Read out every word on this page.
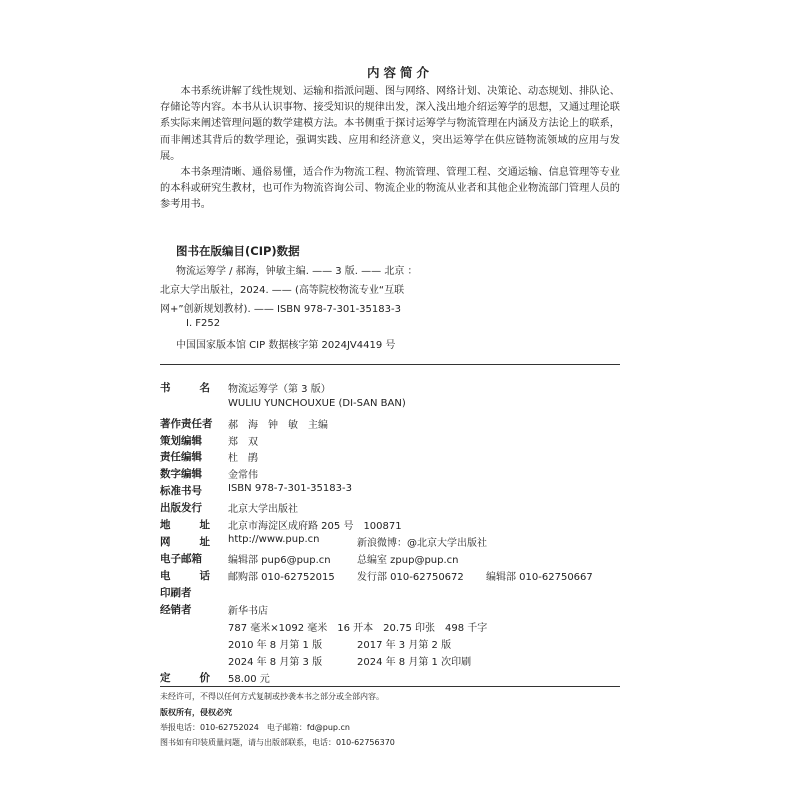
内容简介

本书系统讲解了线性规划、运输和指派问题、图与网络、网络计划、决策论、动态规划、排队论、存储论等内容。本书从认识事物、接受知识的规律出发，深入浅出地介绍运筹学的思想，又通过理论联系实际来阐述管理问题的数学建模方法。本书侧重于探讨运筹学与物流管理在内涵及方法论上的联系，而非阐述其背后的数学理论，强调实践、应用和经济意义，突出运筹学在供应链物流领域的应用与发展。

本书条理清晰、通俗易懂，适合作为物流工程、物流管理、管理工程、交通运输、信息管理等专业的本科或研究生教材，也可作为物流咨询公司、物流企业的物流从业者和其他企业物流部门管理人员的参考用书。

图书在版编目(CIP)数据
物流运筹学 / 郝海，钟敏主编. —— 3 版. —— 北京 ：
北京大学出版社，2024. —— (高等院校物流专业“互联
网+”创新规划教材). —— ISBN 978-7-301-35183-3
Ⅰ. F252
中国国家版本馆 CIP 数据核字第 2024JV4419 号
书	名 物流运筹学（第 3 版）
WULIU YUNCHOUXUE (DI-SAN BAN)
著作责任者	郝　海　钟　敏　主编
策划编辑	郑　双
责任编辑	杜　鹃
数字编辑	金常伟
标准书号	ISBN 978-7-301-35183-3
出版发行	北京大学出版社
地	址 北京市海淀区成府路 205 号　100871
网	址 http://www.pup.cn	新浪微博：@北京大学出版社
电子邮箱	编辑部 pup6@pup.cn	总编室 zpup@pup.cn
电	话 邮购部 010-62752015 发行部 010-62750672 编辑部 010-62750667
印刷者
经销者	新华书店
787 毫米×1092 毫米　16 开本　20.75 印张　498 千字
2010 年 8 月第 1 版	2017 年 3 月第 2 版
2024 年 8 月第 3 版	2024 年 8 月第 1 次印刷
定	价 58.00 元
未经许可，不得以任何方式复制或抄袭本书之部分或全部内容。
版权所有，侵权必究
举报电话：010-62752024　电子邮箱：fd@pup.cn
图书如有印装质量问题，请与出版部联系，电话：010-62756370
